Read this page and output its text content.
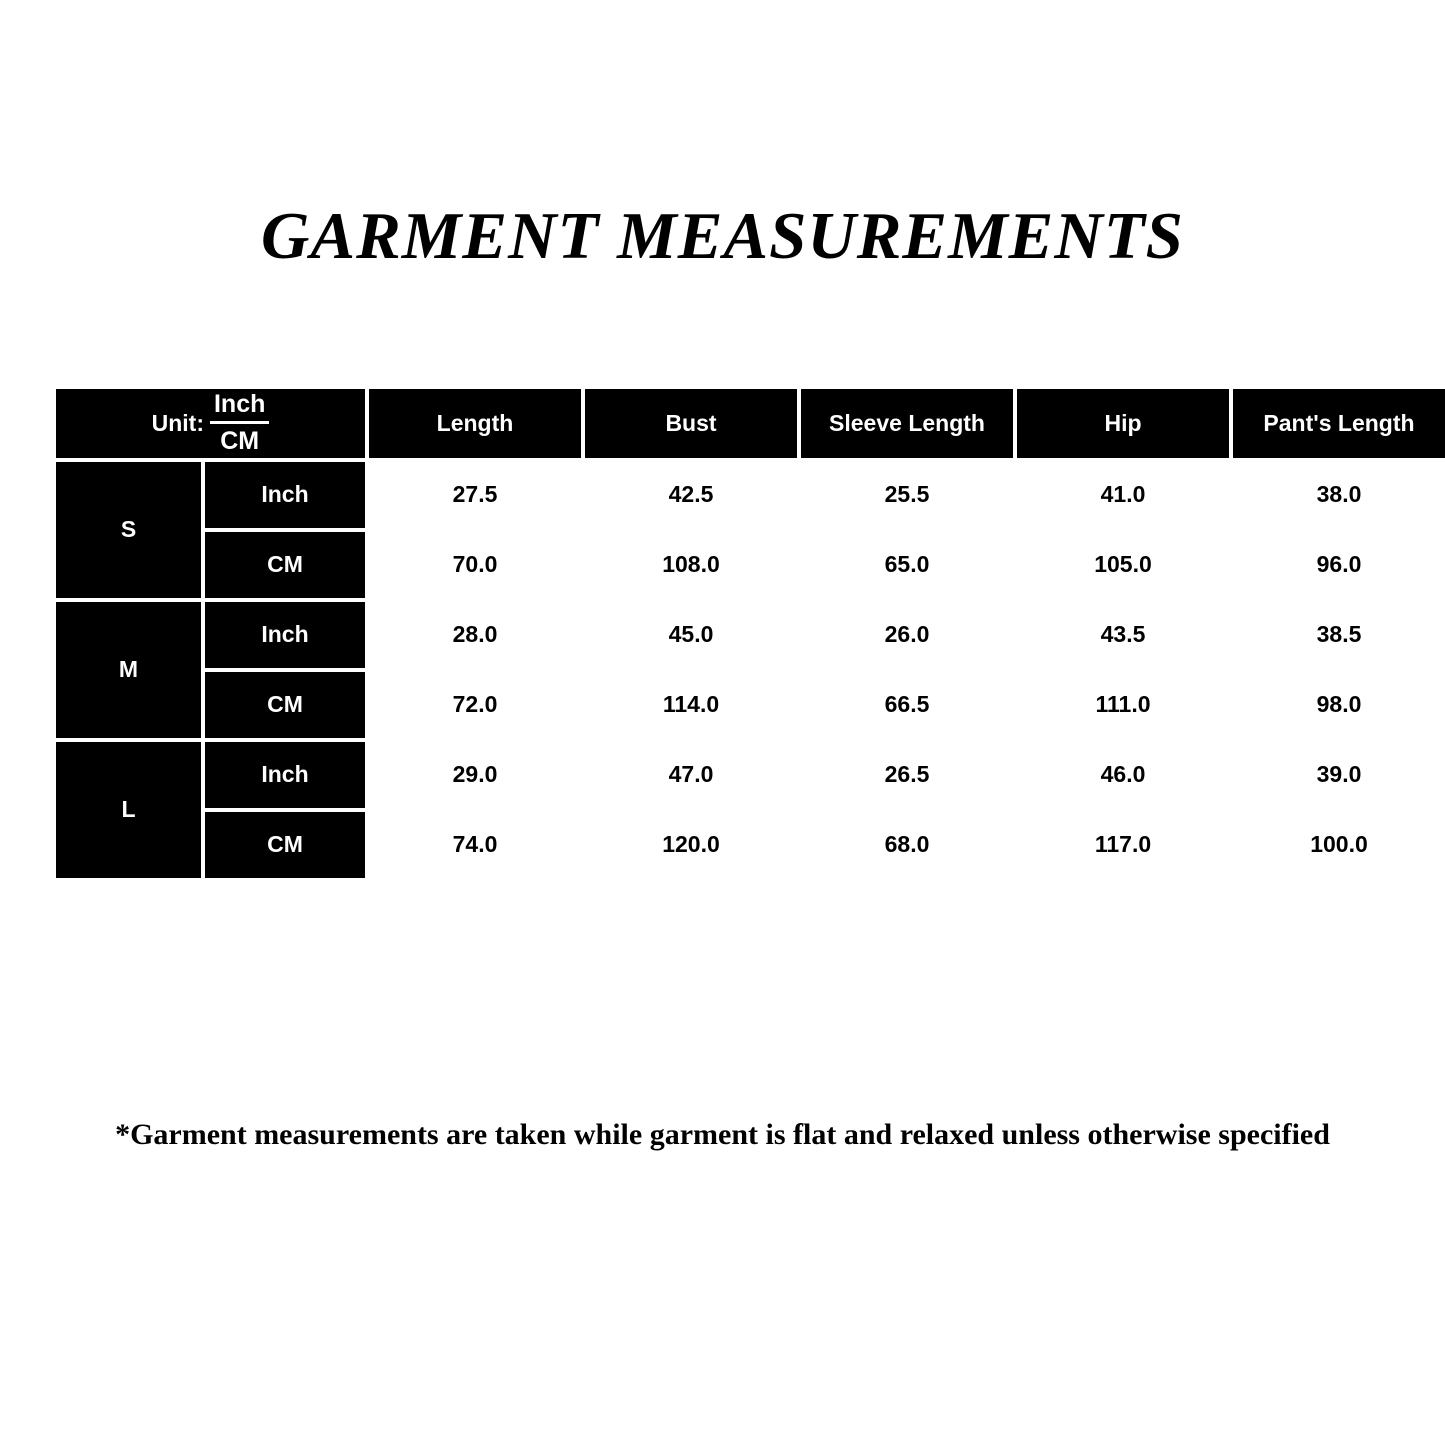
GARMENT MEASUREMENTS
Unit: $\frac{\text{Inch}}{CM}$		Length	Bust	Sleeve Length	Hip	Pant's Length
S	Inch	27.5	42.5	25.5	41.0	38.0
	CM	70.0	108.0	65.0	105.0	96.0
M	Inch	28.0	45.0	26.0	43.5	38.5
	CM	72.0	114.0	66.5	111.0	98.0
L	Inch	29.0	47.0	26.5	46.0	39.0
	CM	74.0	120.0	68.0	117.0	100.0
*Garment measurements are taken while garment is flat and relaxed unless otherwise specified
